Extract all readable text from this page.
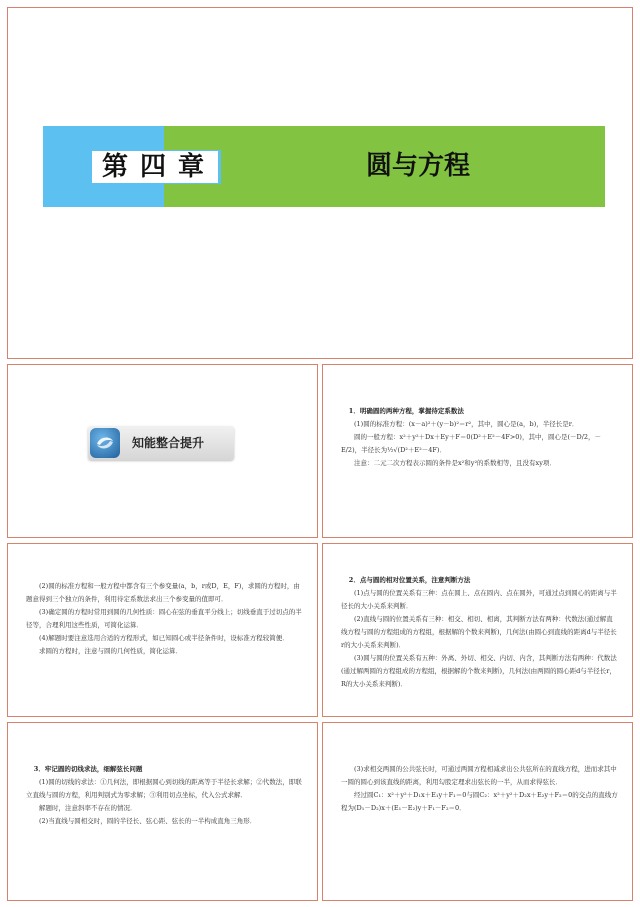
第四章	圆与方程
知能整合提升

1．明确圆的两种方程，掌握待定系数法

(1)圆的标准方程：(x－a)²＋(y－b)²＝r²，其中，圆心是(a，b)，半径长是r．

圆的一般方程：x²＋y²＋Dx＋Ey＋F＝0(D²＋E²－4F>0)，其中，圆心是(－D/2，－E/2)，半径长为½√(D²＋E²－4F)．

注意：二元二次方程表示圆的条件是x²和y²的系数相等，且没有xy项．

(2)圆的标准方程和一般方程中都含有三个参变量(a，b，r或D，E，F)，求圆的方程时，由题意得到三个独立的条件，利用待定系数法求出三个参变量的值即可．

(3)确定圆的方程时常用到圆的几何性质：圆心在弦的垂直平分线上；切线垂直于过切点的半径等，合理利用这些性质，可简化运算．

(4)解题时要注意选用合适的方程形式，如已知圆心或半径条件时，设标准方程较简便．

求圆的方程时，注意与圆的几何性质，简化运算．

2．点与圆的相对位置关系，注意判断方法

(1)点与圆的位置关系有三种：点在圆上、点在圆内、点在圆外，可通过点到圆心的距离与半径长的大小关系来判断．

(2)直线与圆的位置关系有三种：相交、相切、相离，其判断方法有两种：代数法(通过解直线方程与圆的方程组成的方程组，根据解的个数来判断)，几何法(由圆心到直线的距离d与半径长r的大小关系来判断)．

(3)圆与圆的位置关系有五种：外离、外切、相交、内切、内含，其判断方法有两种：代数法(通过解两圆的方程组成的方程组，根据解的个数来判断)，几何法(由两圆的圆心距d与半径长r，R的大小关系来判断)．

3．牢记圆的切线求法，细解弦长问题

(1)圆的切线的求法：①几何法，即根据圆心到切线的距离等于半径长求解；②代数法，即联立直线与圆的方程，利用判别式为零求解；③利用切点坐标，代入公式求解．

解题时，注意斜率不存在的情况．

(2)当直线与圆相交时，圆的半径长、弦心距、弦长的一半构成直角三角形．

(3)求相交两圆的公共弦长时，可通过两圆方程相减求出公共弦所在的直线方程，进而求其中一圆的圆心到该直线的距离，利用勾股定理求出弦长的一半，从而求得弦长．

经过圆C₁：x²＋y²＋D₁x＋E₁y＋F₁＝0与圆C₂：x²＋y²＋D₂x＋E₂y＋F₂＝0的交点的直线方程为(D₁－D₂)x＋(E₁－E₂)y＋F₁－F₂＝0．
